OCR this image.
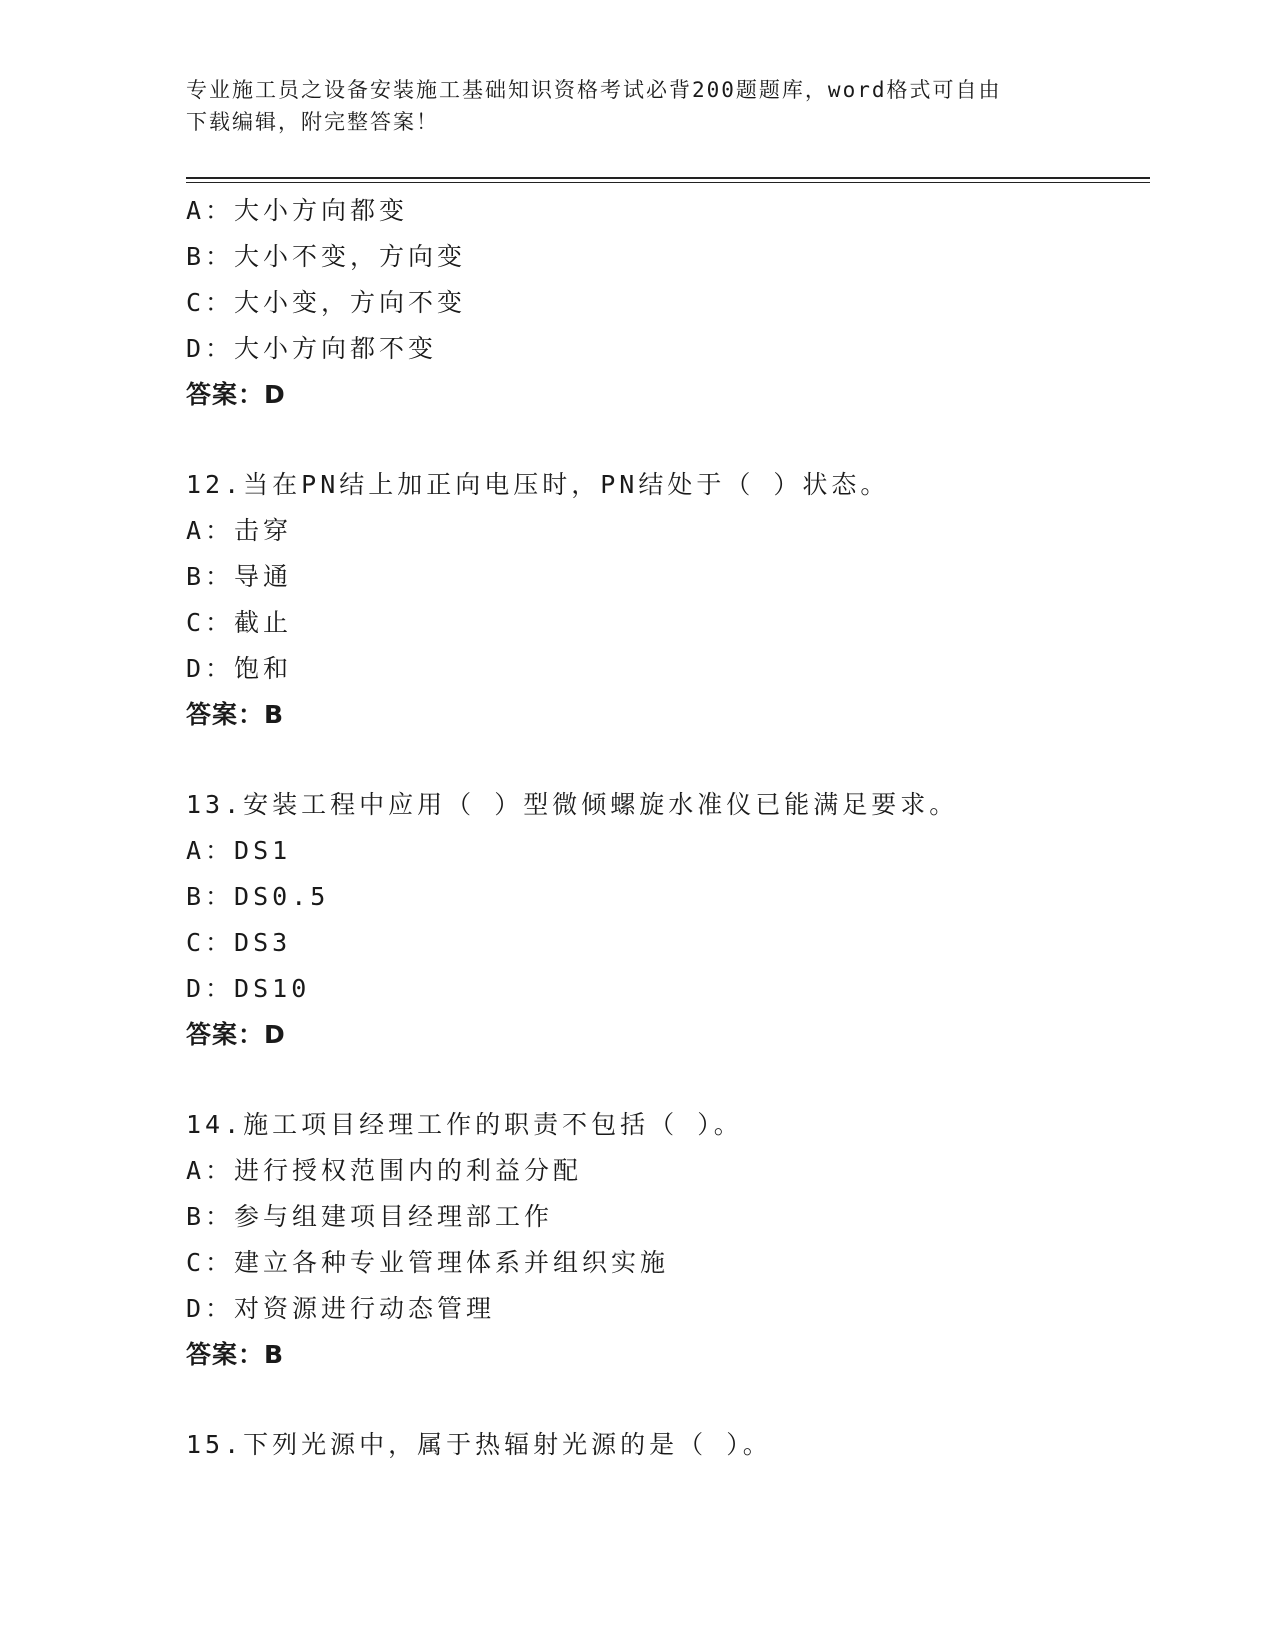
专业施工员之设备安装施工基础知识资格考试必背200题题库，word格式可自由
下载编辑，附完整答案！
A：大小方向都变
B：大小不变，方向变
C：大小变，方向不变
D：大小方向都不变
答案：D
12.当在PN结上加正向电压时，PN结处于（ ）状态。
A：击穿
B：导通
C：截止
D：饱和
答案：B
13.安装工程中应用（ ）型微倾螺旋水准仪已能满足要求。
A：DS1
B：DS0.5
C：DS3
D：DS10
答案：D
14.施工项目经理工作的职责不包括（ ）。
A：进行授权范围内的利益分配
B：参与组建项目经理部工作
C：建立各种专业管理体系并组织实施
D：对资源进行动态管理
答案：B
15.下列光源中，属于热辐射光源的是（ ）。
